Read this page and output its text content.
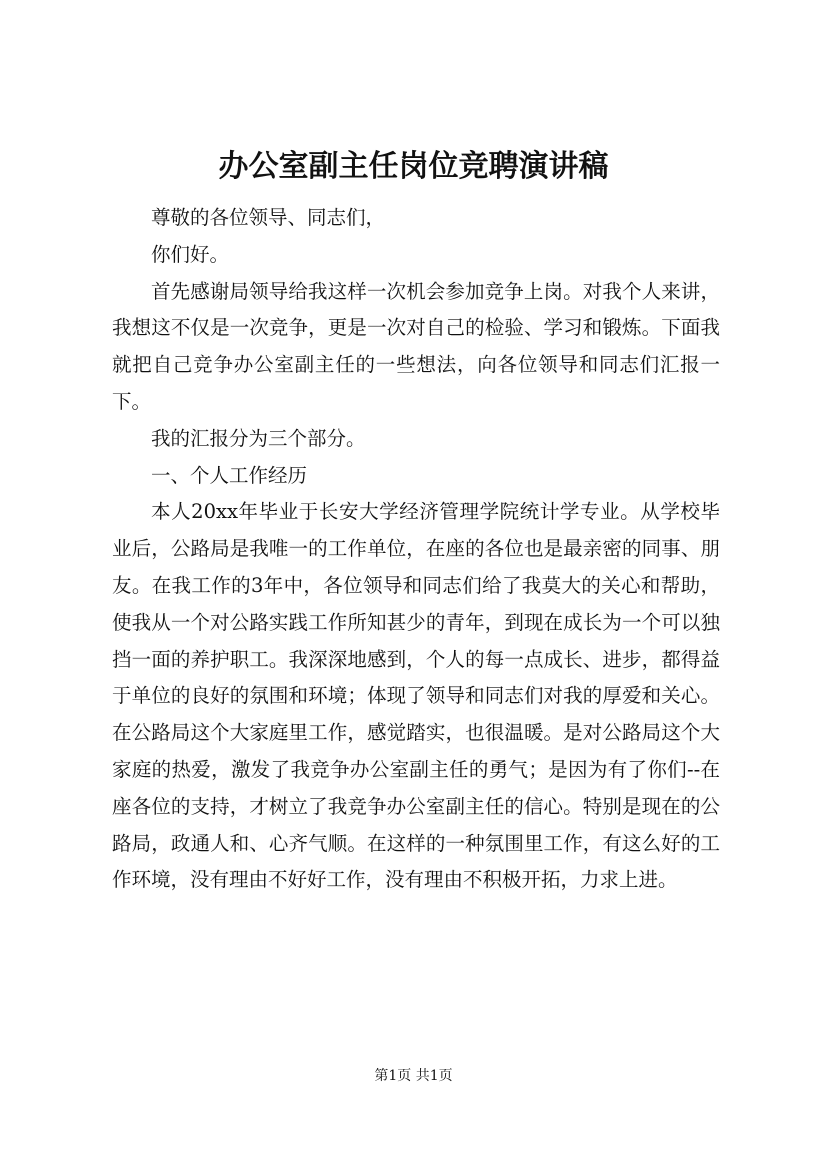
办公室副主任岗位竞聘演讲稿

尊敬的各位领导、同志们，

你们好。

首先感谢局领导给我这样一次机会参加竞争上岗。对我个人来讲，我想这不仅是一次竞争，更是一次对自己的检验、学习和锻炼。下面我就把自己竞争办公室副主任的一些想法，向各位领导和同志们汇报一下。

我的汇报分为三个部分。

一、个人工作经历

本人20xx年毕业于长安大学经济管理学院统计学专业。从学校毕业后，公路局是我唯一的工作单位，在座的各位也是最亲密的同事、朋友。在我工作的3年中，各位领导和同志们给了我莫大的关心和帮助，使我从一个对公路实践工作所知甚少的青年，到现在成长为一个可以独挡一面的养护职工。我深深地感到，个人的每一点成长、进步，都得益于单位的良好的氛围和环境；体现了领导和同志们对我的厚爱和关心。在公路局这个大家庭里工作，感觉踏实，也很温暖。是对公路局这个大家庭的热爱，激发了我竞争办公室副主任的勇气；是因为有了你们--在座各位的支持，才树立了我竞争办公室副主任的信心。特别是现在的公路局，政通人和、心齐气顺。在这样的一种氛围里工作，有这么好的工作环境，没有理由不好好工作，没有理由不积极开拓，力求上进。

第1页 共1页
